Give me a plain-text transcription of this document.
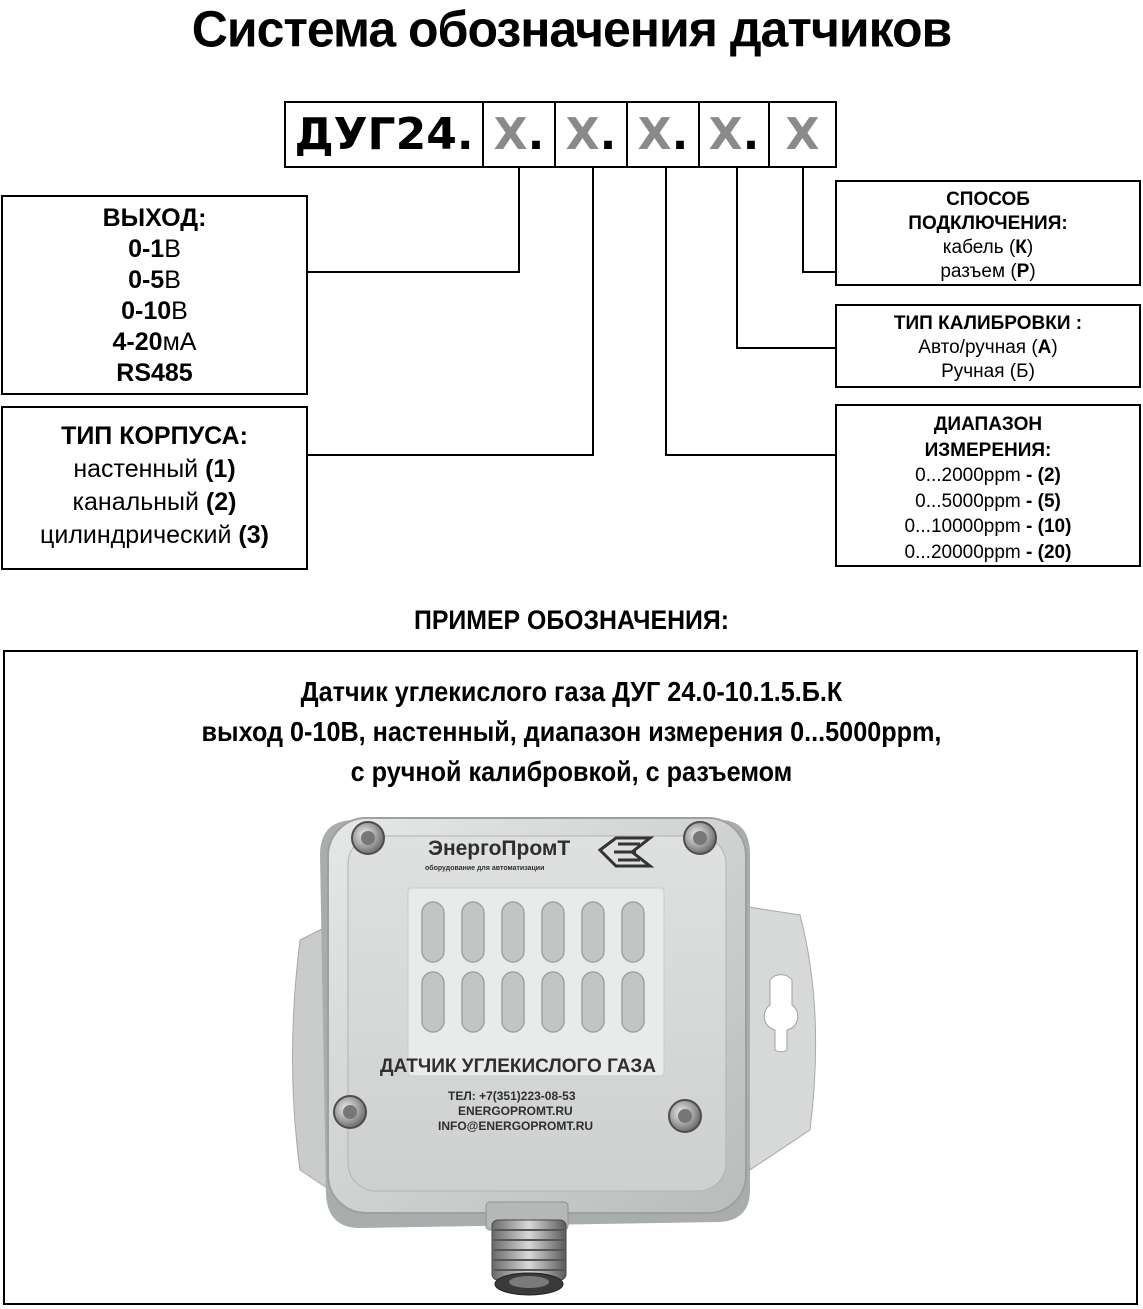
Система обозначения датчиков
ДУГ24 . X . X . X . X . X
ВЫХОД:
0-1В
0-5В
0-10В
4-20мА
RS485
ТИП КОРПУСА:
настенный (1)
канальный (2)
цилиндрический (3)
СПОСОБ
ПОДКЛЮЧЕНИЯ:
кабель (К)
разъем (Р)
ТИП КАЛИБРОВКИ :
Авто/ручная (А)
Ручная (Б)
ДИАПАЗОН
ИЗМЕРЕНИЯ:
0...2000ppm - (2)
0...5000ppm - (5)
0...10000ppm - (10)
0...20000ppm - (20)
ПРИМЕР ОБОЗНАЧЕНИЯ:
Датчик углекислого газа ДУГ 24.0-10.1.5.Б.К
выход 0-10В, настенный, диапазон измерения 0...5000ppm,
с ручной калибровкой, с разъемом
ЭнергоПромТ
оборудование для автоматизации
ДАТЧИК УГЛЕКИСЛОГО ГАЗА
ТЕЛ: +7(351)223-08-53
ENERGOPROMT.RU
INFO@ENERGOPROMT.RU
